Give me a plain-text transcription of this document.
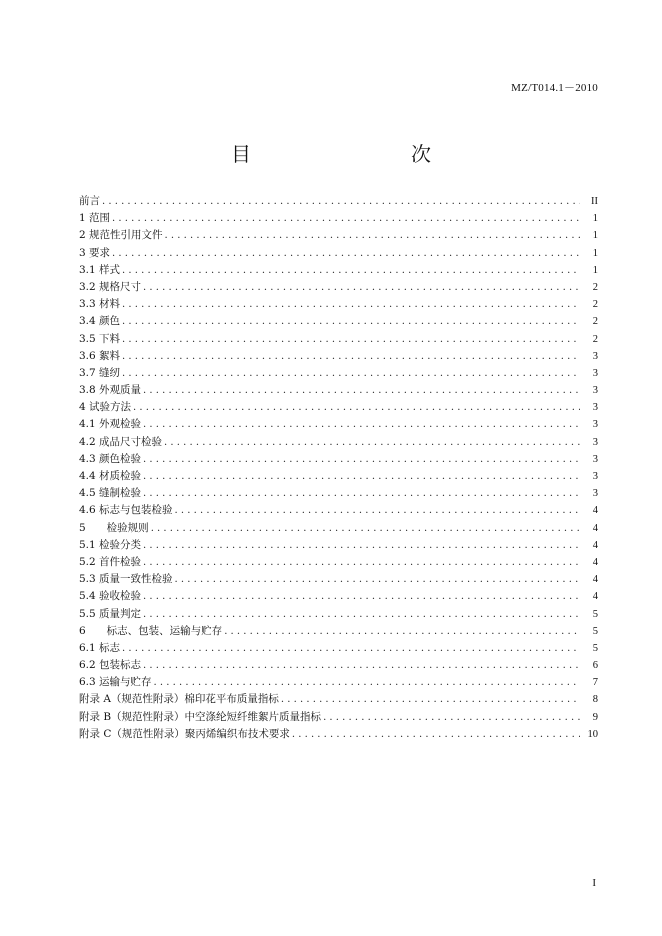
MZ/T014.1－2010
目　　次
前言 . . .	II
1 范围 . . .	1
2 规范性引用文件 . . .	1
3 要求 . . .	1
3.1 样式 . . .	1
3.2 规格尺寸 . . .	2
3.3 材料 . . .	2
3.4 颜色 . . .	2
3.5 下料 . . .	2
3.6 絮料 . . .	3
3.7 缝纫 . . .	3
3.8 外观质量 . . .	3
4 试验方法 . . .	3
4.1 外观检验 . . .	3
4.2 成品尺寸检验 . . .	3
4.3 颜色检验 . . .	3
4.4 材质检验 . . .	3
4.5 缝制检验 . . .	3
4.6 标志与包装检验 . . .	4
5　　检验规则 . . .	4
5.1 检验分类 . . .	4
5.2 首件检验 . . .	4
5.3 质量一致性检验 . . .	4
5.4 验收检验 . . .	4
5.5 质量判定 . . .	5
6　　标志、包装、运输与贮存 . . .	5
6.1 标志 . . .	5
6.2 包装标志 . . .	6
6.3 运输与贮存 . . .	7
附录 A（规范性附录）棉印花平布质量指标 . . .	8
附录 B（规范性附录）中空涤纶短纤维絮片质量指标 . . .	9
附录 C（规范性附录）聚丙烯编织布技术要求 . . .	10
I
